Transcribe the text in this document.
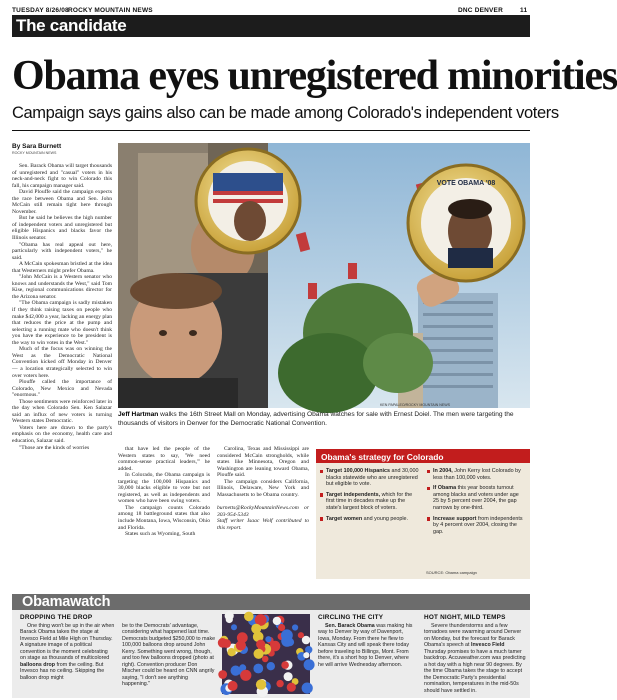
TUESDAY 8/26/08 ROCKY MOUNTAIN NEWS	DNC DENVER	11
The candidate
Obama eyes unregistered minorities
Campaign says gains also can be made among Colorado's independent voters
By Sara Burnett
ROCKY MOUNTAIN NEWS

Sen. Barack Obama will target thousands of unregistered and "casual" voters in his neck-and-neck fight to win Colorado this fall, his campaign manager said.

David Plouffe said the campaign expects the race between Obama and Sen. John McCain still remain tight here through November.

But he said he believes the high number of independent voters and unregistered but eligible Hispanics and blacks favor the Illinois senator.

"Obama has real appeal out here, particularly with independent voters," he said.

A McCain spokesman bristled at the idea that Westerners might prefer Obama.

"John McCain is a Western senator who knows and understands the West," said Tom Kise, regional communications director for the Arizona senator.

"The Obama campaign is sadly mistaken if they think raising taxes on people who make $42,000 a year, lacking an energy plan that reduces the price at the pump and selecting a running mate who doesn't think you have the experience to be president is the way to win votes in the West."

Much of the focus was on winning the West as the Democratic National Convention kicked off Monday in Denver — a location strategically selected to win over voters here.

Plouffe called the importance of Colorado, New Mexico and Nevada "enormous."

Those sentiments were reinforced later in the day when Colorado Sen. Ken Salazar said an influx of new voters is turning Western states Democratic.

Voters here are drawn to the party's emphasis on the economy, health care and education, Salazar said.

"Those are the kinds of worries

VOTE OBAMA '08
KEN PAPALEO/ROCKY MOUNTAIN NEWS
Jeff Hartman walks the 16th Street Mall on Monday, advertising Obama watches for sale with Ernest Doiel. The men were targeting the thousands of visitors in Denver for the Democratic National Convention.

that have led the people of the Western states to say, 'We need common-sense practical leaders,'" he added.

In Colorado, the Obama campaign is targeting the 100,000 Hispanics and 30,000 blacks eligible to vote but not registered, as well as independents and women who have been swing voters.

The campaign counts Colorado among 18 battleground states that also include Montana, Iowa, Wisconsin, Ohio and Florida.

States such as Wyoming, South

Carolina, Texas and Mississippi are considered McCain strongholds, while states like Minnesota, Oregon and Washington are leaning toward Obama, Plouffe said.

The campaign considers California, Illinois, Delaware, New York and Massachusetts to be Obama country.

burnetts@RockyMountainNews.com or 303-954-5343
Staff writer Isaac Wolf contributed to this report.
Obama's strategy for Colorado
Target 100,000 Hispanics and 30,000 blacks statewide who are unregistered but eligible to vote.
Target independents, which for the first time in decades make up the state's largest block of voters.
Target women and young people.
In 2004, John Kerry lost Colorado by less than 100,000 votes.
If Obama this year boosts turnout among blacks and voters under age 25 by 5 percent over 2004, the gap narrows by one-third.
Increase support from independents by 4 percent over 2004, closing the gap.
SOURCE: Obama campaign
Obamawatch
DROPPING THE DROP

One thing won't be up in the air when Barack Obama takes the stage at Invesco Field at Mile High on Thursday. A signature image of a political convention is the moment celebrating on stage as thousands of multicolored balloons drop from the ceiling. But Invesco has no ceiling. Skipping the balloon drop might

be to the Democrats' advantage, considering what happened last time. Democrats budgeted $250,000 to make 100,000 balloons drop around John Kerry. Something went wrong, though, and too few balloons dropped (photo at right). Convention producer Don Mischer could be heard on CNN angrily saying, "I don't see anything happening."

CIRCLING THE CITY

Sen. Barack Obama was making his way to Denver by way of Davenport, Iowa, Monday. From there he flew to Kansas City and will speak there today before traveling to Billings, Mont. From there, it's a short hop to Denver, where he will arrive Wednesday afternoon.

HOT NIGHT, MILD TEMPS

Severe thunderstorms and a few tornadoes were swarming around Denver on Monday, but the forecast for Barack Obama's speech at Invesco Field Thursday promises to have a much tamer backdrop. Accuweather.com was predicting a hot day with a high near 90 degrees. By the time Obama takes the stage to accept the Democratic Party's presidential nomination, temperatures in the mid-50s should have settled in.
